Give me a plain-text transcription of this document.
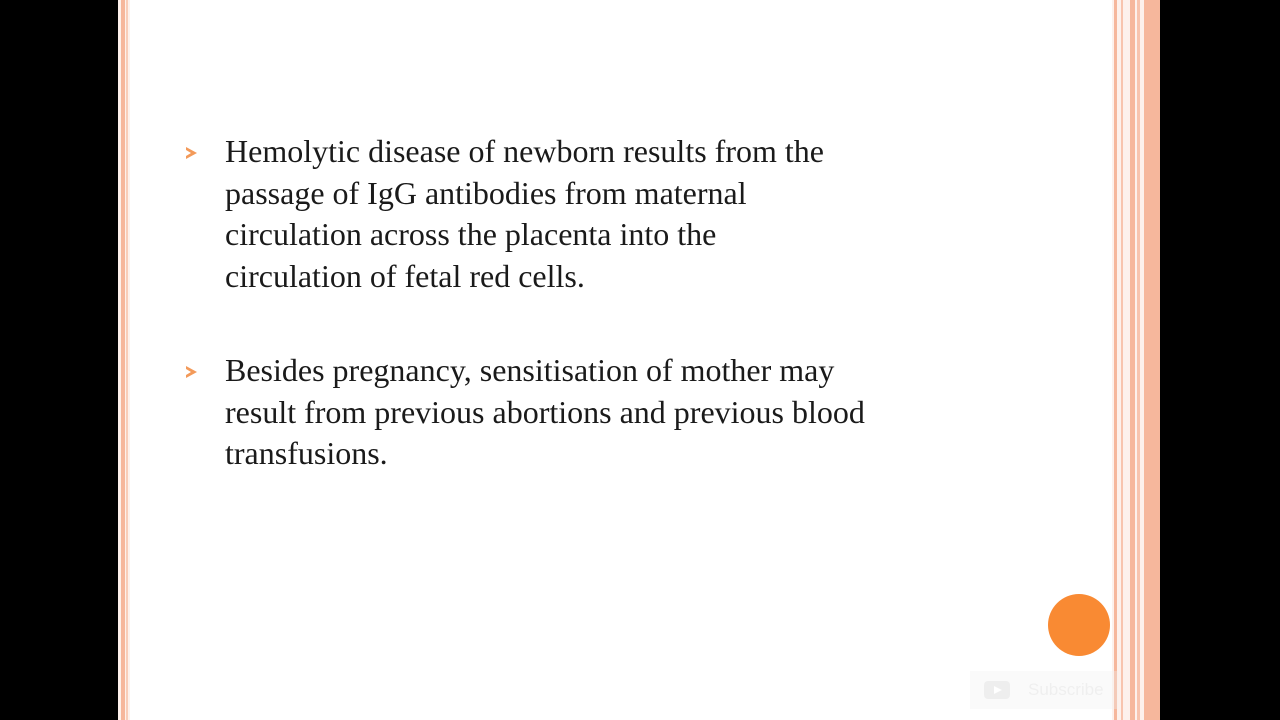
Hemolytic disease of newborn results from the
passage of IgG antibodies from maternal
circulation across the placenta into the
circulation of fetal red cells.
Besides pregnancy, sensitisation of mother may
result from previous abortions and previous blood
transfusions.
Subscribe
